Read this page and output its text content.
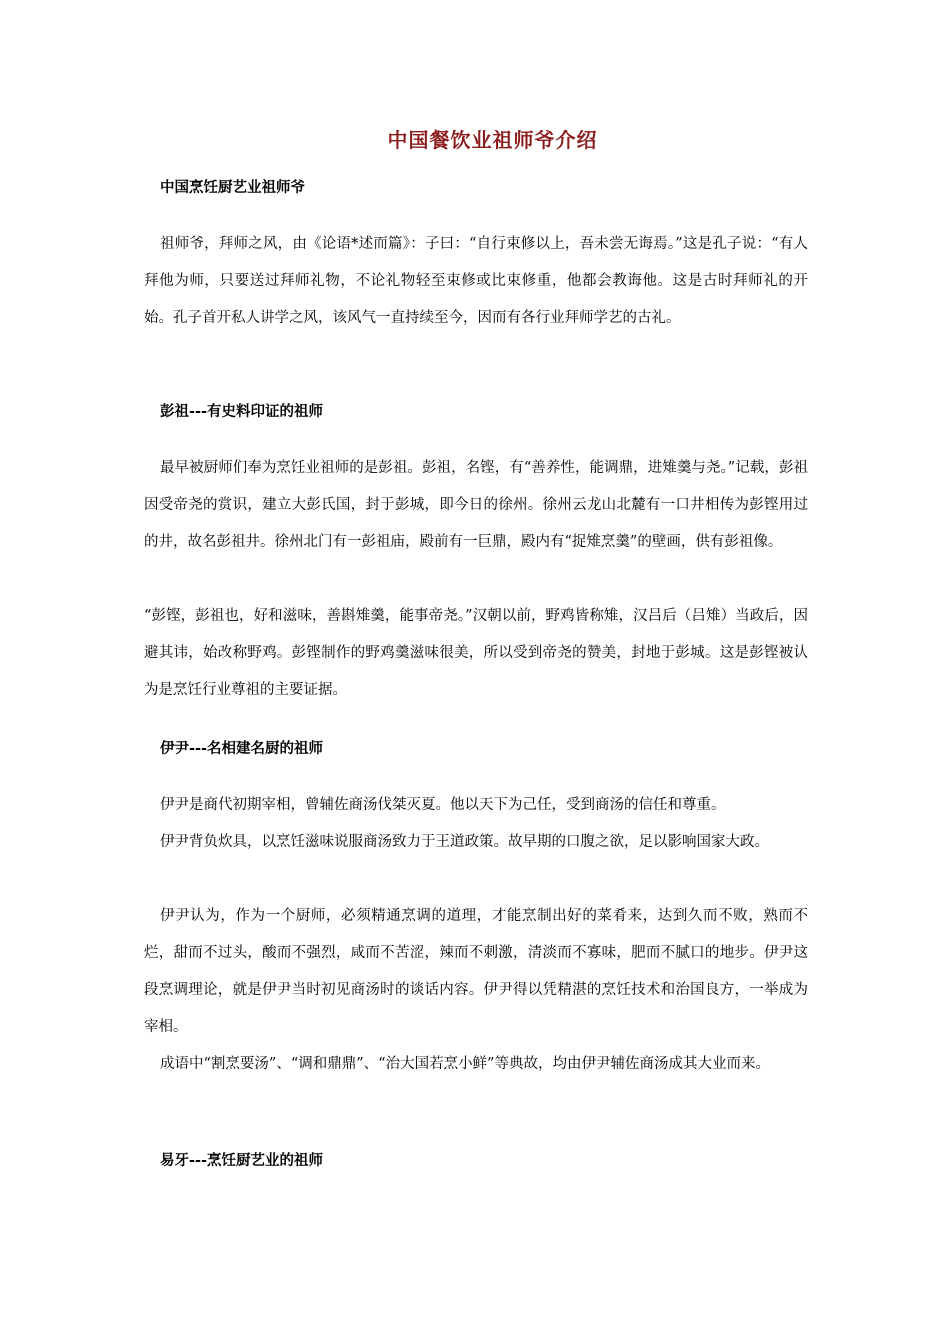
中国餐饮业祖师爷介绍
中国烹饪厨艺业祖师爷

祖师爷，拜师之风，由《论语*述而篇》：子曰：“自行束修以上，吾未尝无诲焉。”这是孔子说：“有人拜他为师，只要送过拜师礼物，不论礼物轻至束修或比束修重，他都会教诲他。这是古时拜师礼的开始。孔子首开私人讲学之风，该风气一直持续至今，因而有各行业拜师学艺的古礼。

彭祖---有史料印证的祖师

最早被厨师们奉为烹饪业祖师的是彭祖。彭祖，名铿，有“善养性，能调鼎，进雉羹与尧。”记载，彭祖因受帝尧的赏识，建立大彭氏国，封于彭城，即今日的徐州。徐州云龙山北麓有一口井相传为彭铿用过的井，故名彭祖井。徐州北门有一彭祖庙，殿前有一巨鼎，殿内有“捉雉烹羹”的壁画，供有彭祖像。

“彭铿，彭祖也，好和滋味，善斟雉羹，能事帝尧。”汉朝以前，野鸡皆称雉，汉吕后（吕雉）当政后，因避其讳，始改称野鸡。彭铿制作的野鸡羹滋味很美，所以受到帝尧的赞美，封地于彭城。这是彭铿被认为是烹饪行业尊祖的主要证据。

伊尹---名相建名厨的祖师

伊尹是商代初期宰相，曾辅佐商汤伐桀灭夏。他以天下为己任，受到商汤的信任和尊重。

伊尹背负炊具，以烹饪滋味说服商汤致力于王道政策。故早期的口腹之欲，足以影响国家大政。

伊尹认为，作为一个厨师，必须精通烹调的道理，才能烹制出好的菜肴来，达到久而不败，熟而不烂，甜而不过头，酸而不强烈，咸而不苦涩，辣而不刺激，清淡而不寡味，肥而不腻口的地步。伊尹这段烹调理论，就是伊尹当时初见商汤时的谈话内容。伊尹得以凭精湛的烹饪技术和治国良方，一举成为宰相。

成语中“割烹要汤”、“调和鼎鼎”、“治大国若烹小鲜”等典故，均由伊尹辅佐商汤成其大业而来。

易牙---烹饪厨艺业的祖师
